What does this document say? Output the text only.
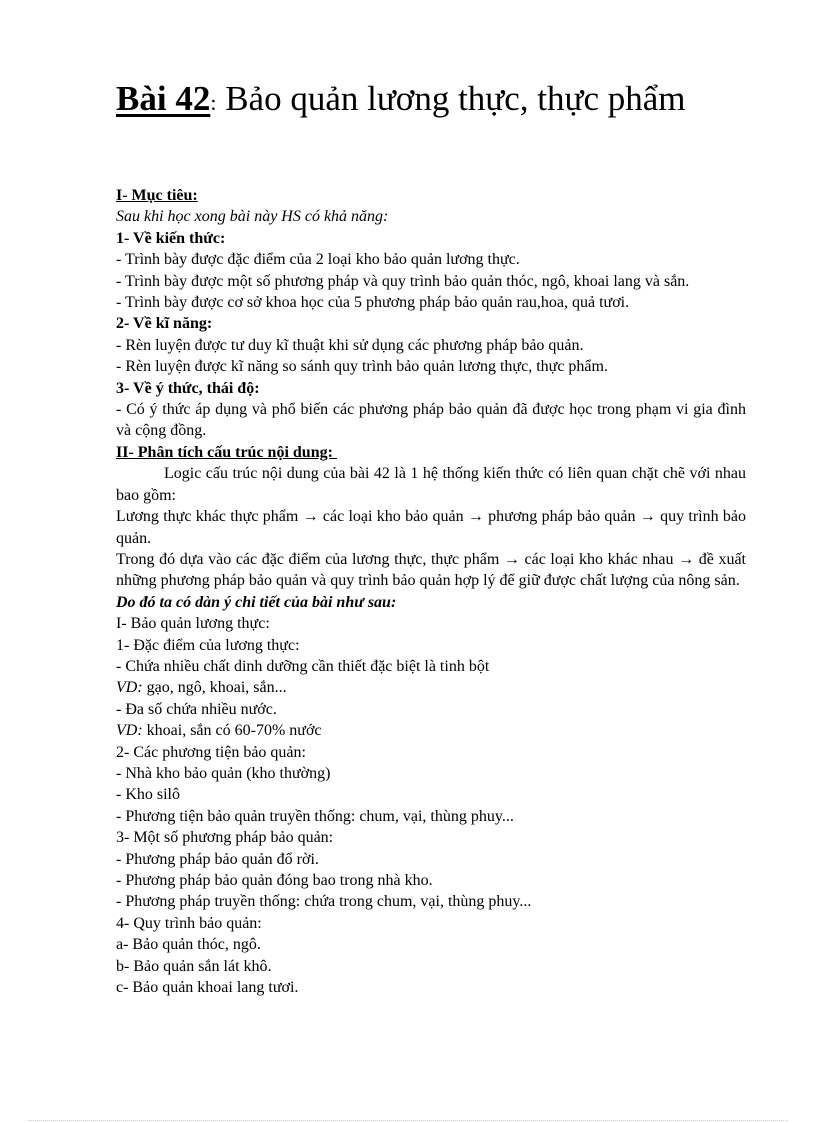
Bài 42: Bảo quản lương thực, thực phẩm

I- Mục tiêu:

Sau khi học xong bài này HS có khả năng:

1- Về kiến thức:

- Trình bày được đặc điểm của 2 loại kho bảo quản lương thực.

- Trình bày được một số phương pháp và quy trình bảo quản thóc, ngô, khoai lang và sắn.

- Trình bày được cơ sở khoa học của 5 phương pháp bảo quản rau,hoa, quả tươi.

2- Về kĩ năng:

- Rèn luyện được tư duy kĩ thuật khi sử dụng các phương pháp bảo quản.

- Rèn luyện được kĩ năng so sánh quy trình bảo quản lương thực, thực phẩm.

3- Về ý thức, thái độ:

- Có ý thức áp dụng và phổ biến các phương pháp bảo quản đã được học trong phạm vi gia đình và cộng đồng.

II- Phân tích cấu trúc nội dung:

Logic cấu trúc nội dung của bài 42 là 1 hệ thống kiến thức có liên quan chặt chẽ với nhau bao gồm:

Lương thực khác thực phẩm → các loại kho bảo quản → phương pháp bảo quản → quy trình bảo quản.

Trong đó dựa vào các đặc điểm của lương thực, thực phẩm → các loại kho khác nhau → đề xuất những phương pháp bảo quản và quy trình bảo quản hợp lý để giữ được chất lượng của nông sản.

Do đó ta có dàn ý chi tiết của bài như sau:

I- Bảo quản lương thực:

1- Đặc điểm của lương thực:

- Chứa nhiều chất dinh dưỡng cần thiết đặc biệt là tinh bột

VD: gạo, ngô, khoai, sắn...

- Đa số chứa nhiều nước.

VD: khoai, sắn có 60-70% nước

2- Các phương tiện bảo quản:

- Nhà kho bảo quản (kho thường)

- Kho silô

- Phương tiện bảo quản truyền thống: chum, vại, thùng phuy...

3- Một số phương pháp bảo quản:

- Phương pháp bảo quản đổ rời.

- Phương pháp bảo quản đóng bao trong nhà kho.

- Phương pháp truyền thống: chứa trong chum, vại, thùng phuy...

4- Quy trình bảo quản:

a- Bảo quản thóc, ngô.

b- Bảo quản sắn lát khô.

c- Bảo quản khoai lang tươi.
